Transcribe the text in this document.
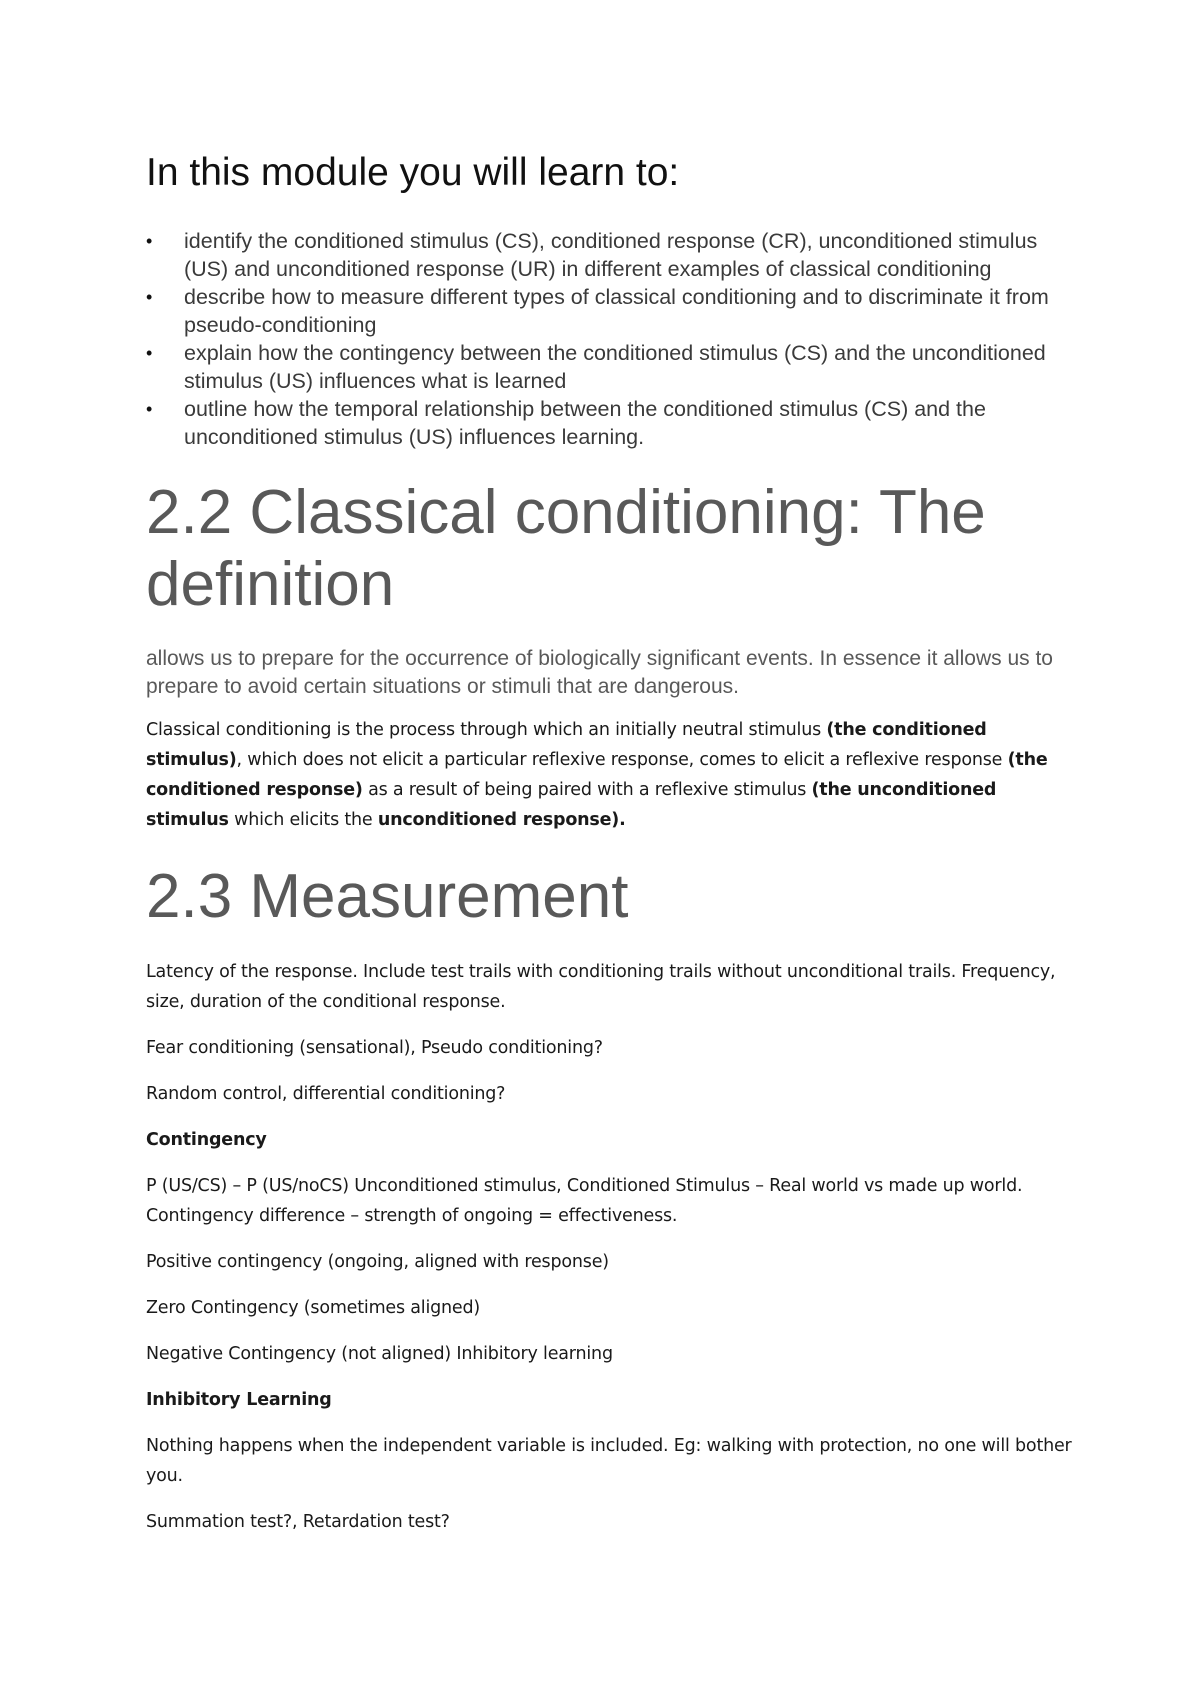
In this module you will learn to:
•	identify the conditioned stimulus (CS), conditioned response (CR), unconditioned stimulus (US) and unconditioned response (UR) in different examples of classical conditioning
•	describe how to measure different types of classical conditioning and to discriminate it from pseudo-conditioning
•	explain how the contingency between the conditioned stimulus (CS) and the unconditioned stimulus (US) influences what is learned
•	outline how the temporal relationship between the conditioned stimulus (CS) and the unconditioned stimulus (US) influences learning.
2.2 Classical conditioning: The definition

allows us to prepare for the occurrence of biologically significant events. In essence it allows us to prepare to avoid certain situations or stimuli that are dangerous.

Classical conditioning is the process through which an initially neutral stimulus (the conditioned stimulus), which does not elicit a particular reflexive response, comes to elicit a reflexive response (the conditioned response) as a result of being paired with a reflexive stimulus (the unconditioned stimulus which elicits the unconditioned response).

2.3 Measurement

Latency of the response. Include test trails with conditioning trails without unconditional trails. Frequency, size, duration of the conditional response.

Fear conditioning (sensational), Pseudo conditioning?

Random control, differential conditioning?

Contingency

P (US/CS) – P (US/noCS) Unconditioned stimulus, Conditioned Stimulus – Real world vs made up world. Contingency difference – strength of ongoing = effectiveness.

Positive contingency (ongoing, aligned with response)

Zero Contingency (sometimes aligned)

Negative Contingency (not aligned) Inhibitory learning

Inhibitory Learning

Nothing happens when the independent variable is included. Eg: walking with protection, no one will bother you.

Summation test?, Retardation test?
